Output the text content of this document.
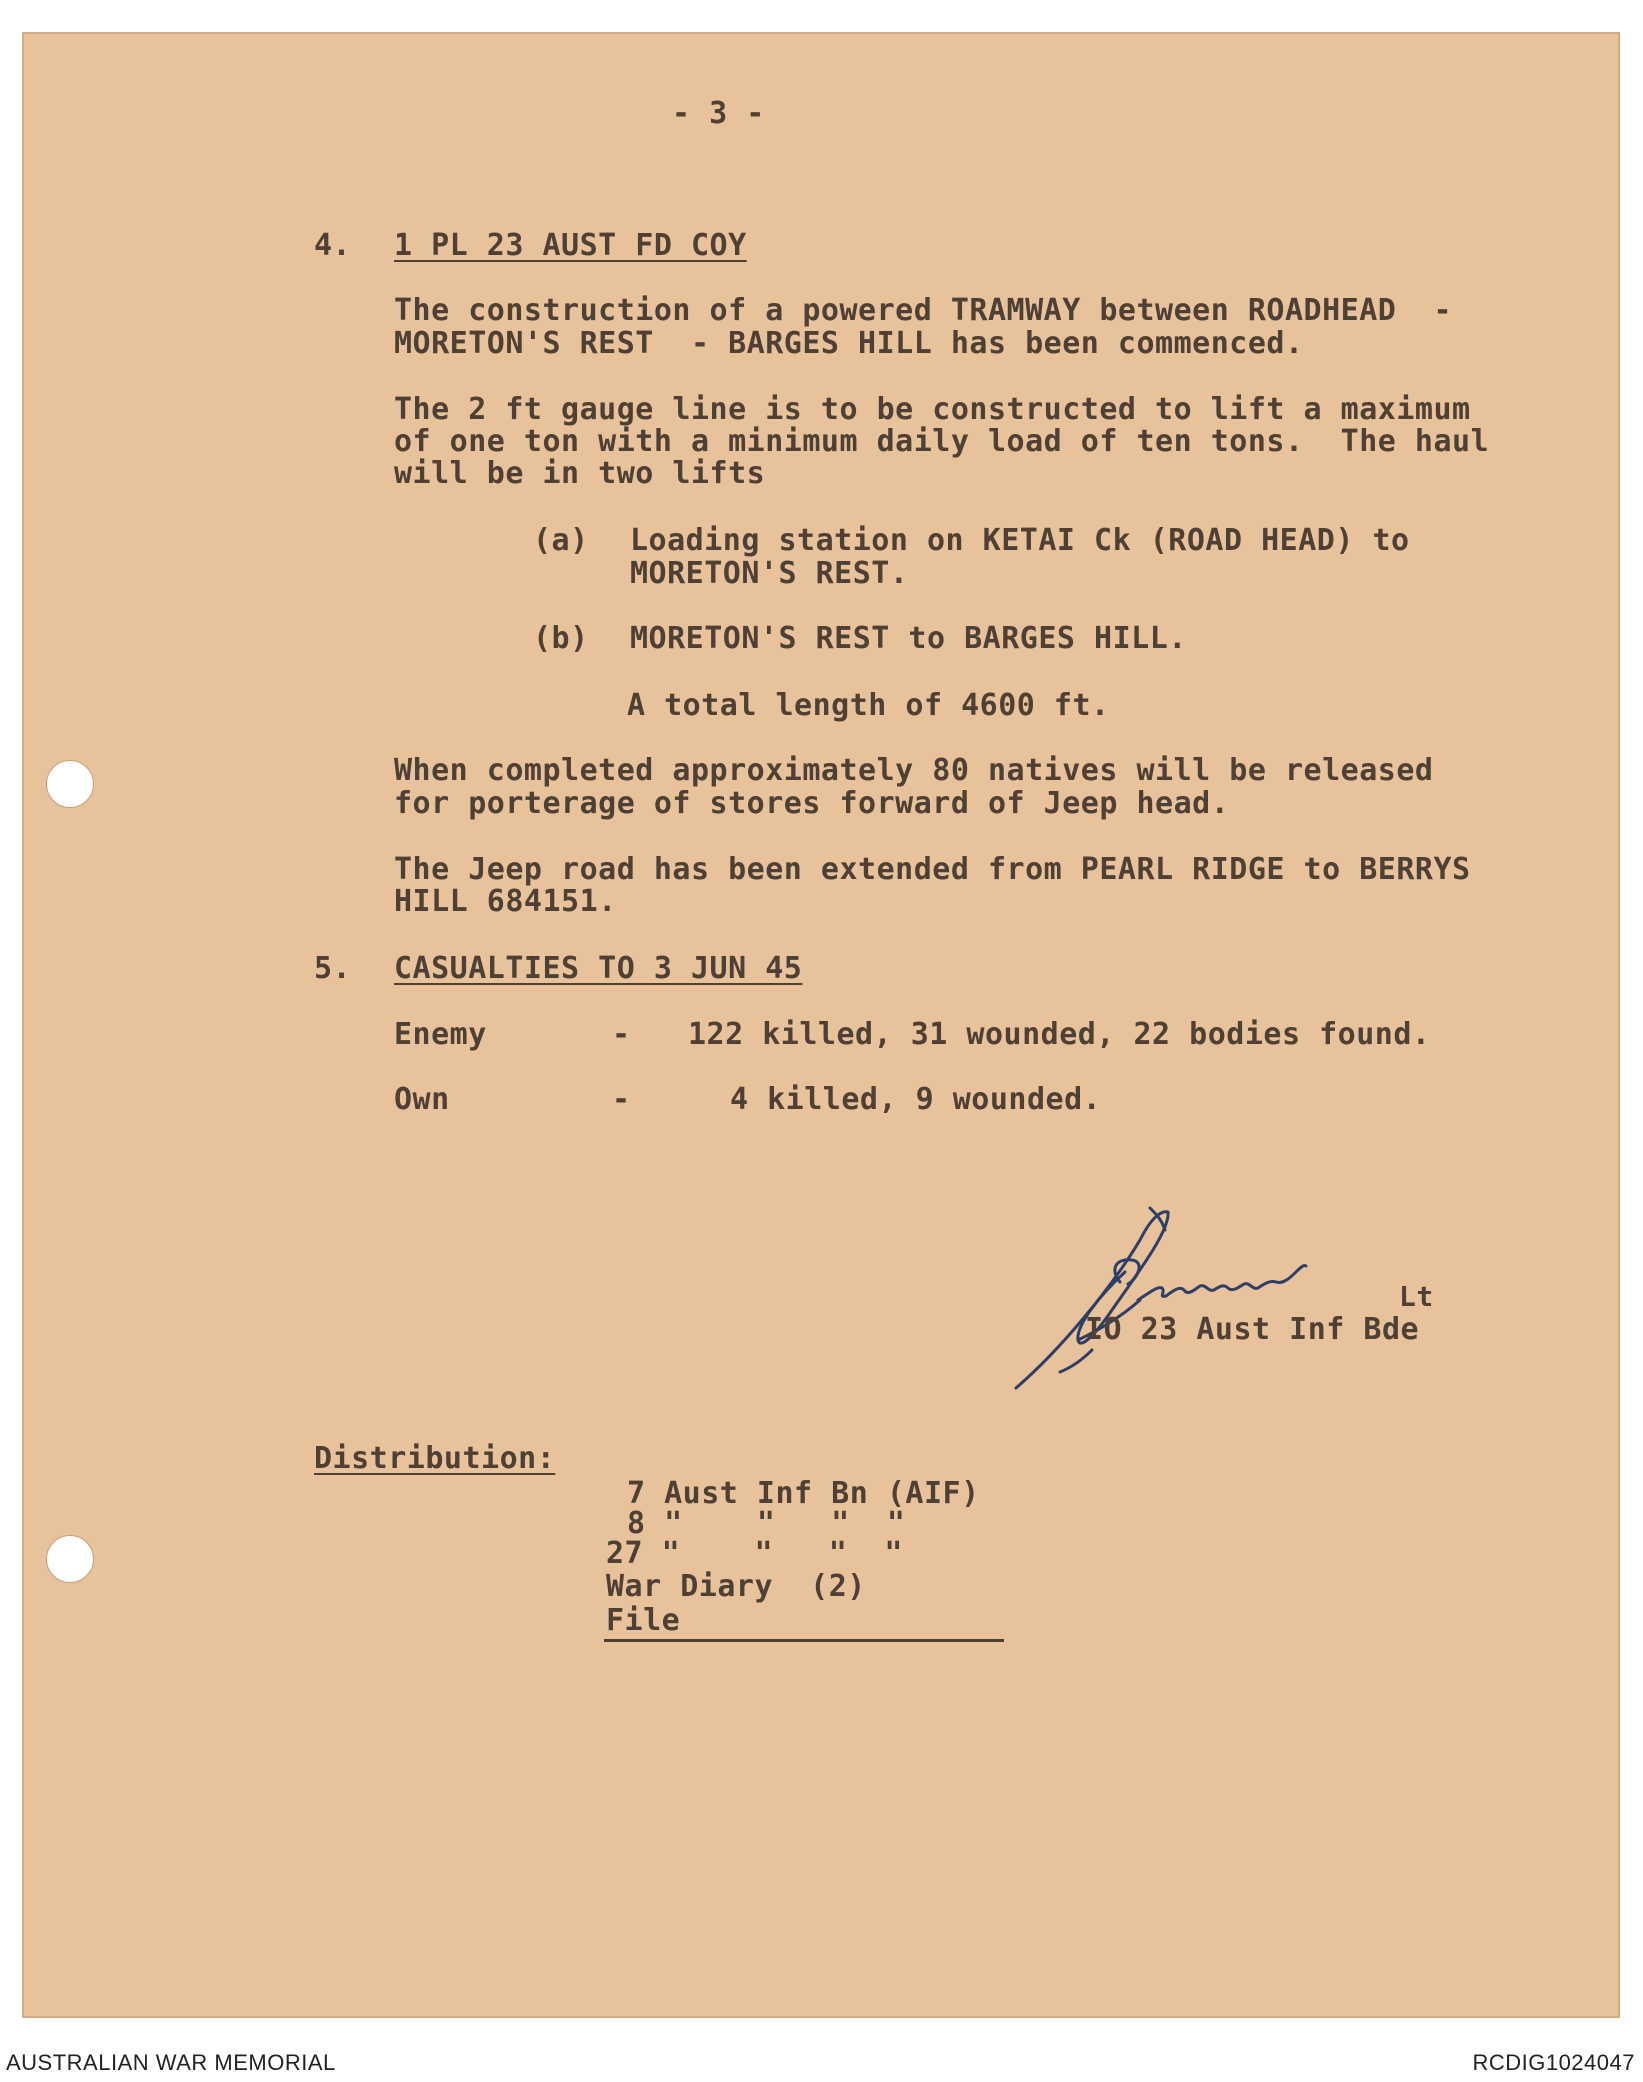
- 3 -
4. 1 PL 23 AUST FD COY
The construction of a powered TRAMWAY between ROADHEAD  -
MORETON'S REST  - BARGES HILL has been commenced.
The 2 ft gauge line is to be constructed to lift a maximum
of one ton with a minimum daily load of ten tons.  The haul
will be in two lifts
(a) Loading station on KETAI Ck (ROAD HEAD) to
MORETON'S REST.
(b) MORETON'S REST to BARGES HILL.
A total length of 4600 ft.
When completed approximately 80 natives will be released
for porterage of stores forward of Jeep head.
The Jeep road has been extended from PEARL RIDGE to BERRYS
HILL 684151.
5. CASUALTIES TO 3 JUN 45
Enemy	- 122 killed, 31 wounded, 22 bodies found.
Own	-	4 killed, 9 wounded.
Lt
IO 23 Aust Inf Bde
Distribution:
7 Aust Inf Bn (AIF)
8 "    "   "  "
27 "    "   "  "
War Diary  (2)
File
AUSTRALIAN WAR MEMORIAL	RCDIG1024047
